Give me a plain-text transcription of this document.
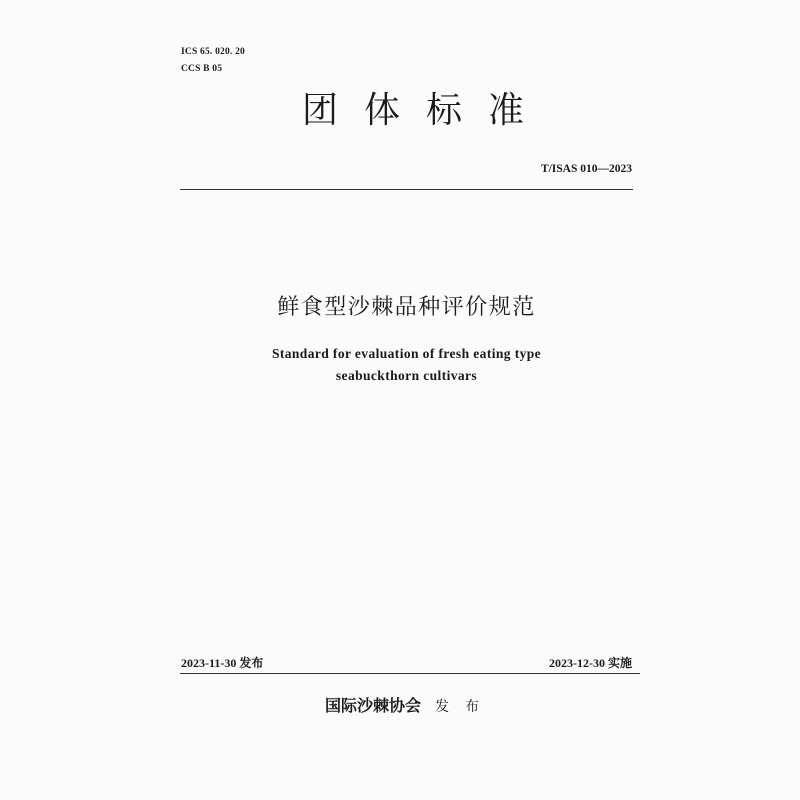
ICS 65. 020. 20
CCS B 05
团体标准
T/ISAS 010—2023
鲜食型沙棘品种评价规范
Standard for evaluation of fresh eating type
seabuckthorn cultivars
2023-11-30 发布	2023-12-30 实施
国际沙棘协会 发布
